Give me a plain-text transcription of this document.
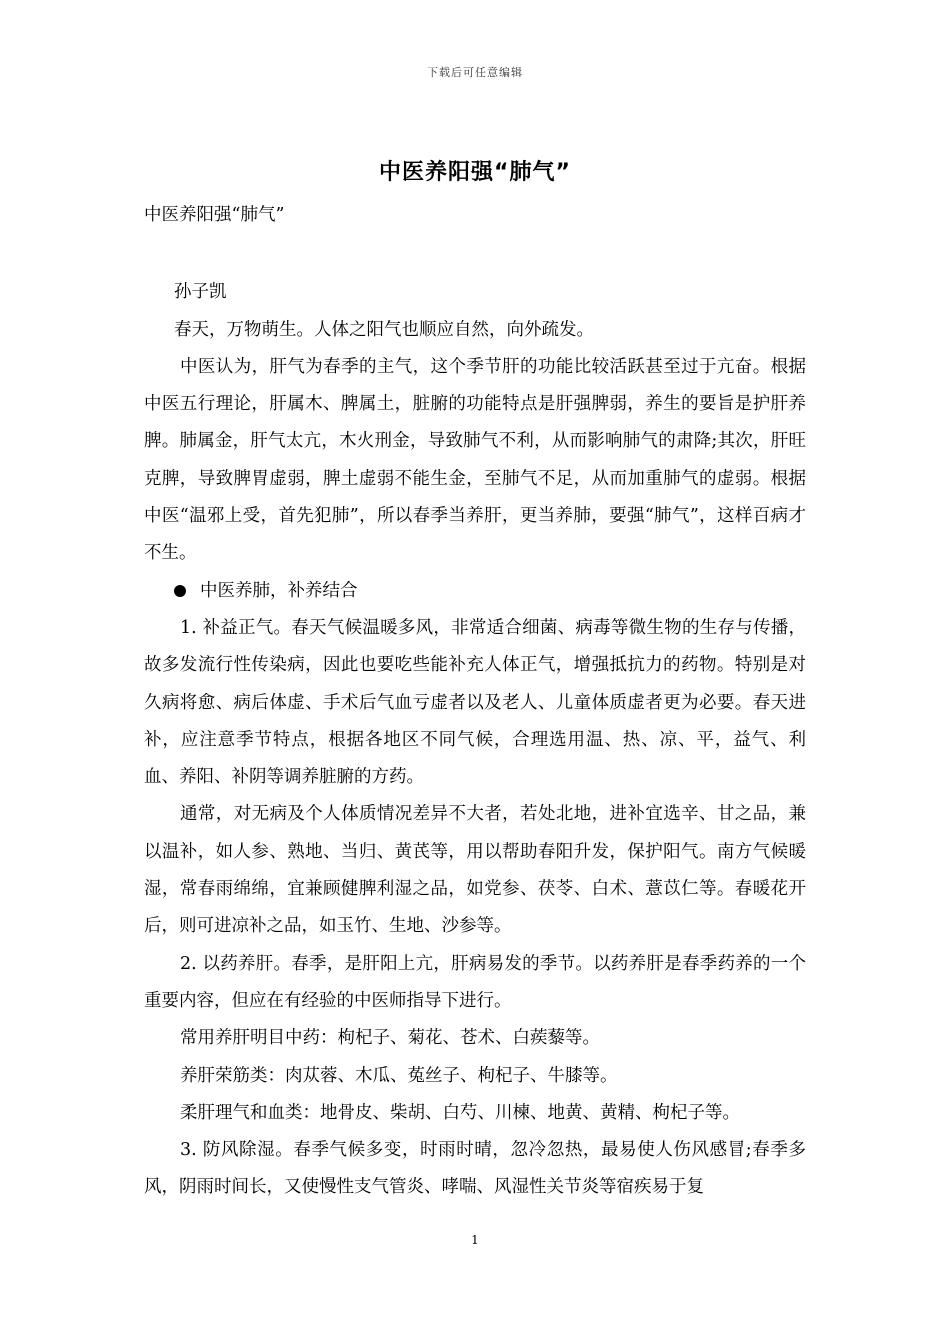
下载后可任意编辑
中医养阳强“肺气”

中医养阳强“肺气”

孙子凯

春天，万物萌生。人体之阳气也顺应自然，向外疏发。

中医认为，肝气为春季的主气，这个季节肝的功能比较活跃甚至过于亢奋。根据中医五行理论，肝属木、脾属土，脏腑的功能特点是肝强脾弱，养生的要旨是护肝养脾。肺属金，肝气太亢，木火刑金，导致肺气不利，从而影响肺气的肃降;其次，肝旺克脾，导致脾胃虚弱，脾土虚弱不能生金，至肺气不足，从而加重肺气的虚弱。根据中医“温邪上受，首先犯肺”，所以春季当养肝，更当养肺，要强“肺气”，这样百病才不生。

中医养肺，补养结合

1. 补益正气。春天气候温暖多风，非常适合细菌、病毒等微生物的生存与传播，故多发流行性传染病，因此也要吃些能补充人体正气，增强抵抗力的药物。特别是对久病将愈、病后体虚、手术后气血亏虚者以及老人、儿童体质虚者更为必要。春天进补，应注意季节特点，根据各地区不同气候，合理选用温、热、凉、平，益气、利血、养阳、补阴等调养脏腑的方药。

通常，对无病及个人体质情况差异不大者，若处北地，进补宜选辛、甘之品，兼以温补，如人参、熟地、当归、黄芪等，用以帮助春阳升发，保护阳气。南方气候暖湿，常春雨绵绵，宜兼顾健脾利湿之品，如党参、茯苓、白术、薏苡仁等。春暖花开后，则可进凉补之品，如玉竹、生地、沙参等。

2. 以药养肝。春季，是肝阳上亢，肝病易发的季节。以药养肝是春季药养的一个重要内容，但应在有经验的中医师指导下进行。

常用养肝明目中药：枸杞子、菊花、苍术、白蒺藜等。

养肝荣筋类：肉苁蓉、木瓜、菟丝子、枸杞子、牛膝等。

柔肝理气和血类：地骨皮、柴胡、白芍、川楝、地黄、黄精、枸杞子等。

3. 防风除湿。春季气候多变，时雨时晴，忽冷忽热，最易使人伤风感冒;春季多风，阴雨时间长，又使慢性支气管炎、哮喘、风湿性关节炎等宿疾易于复

1
